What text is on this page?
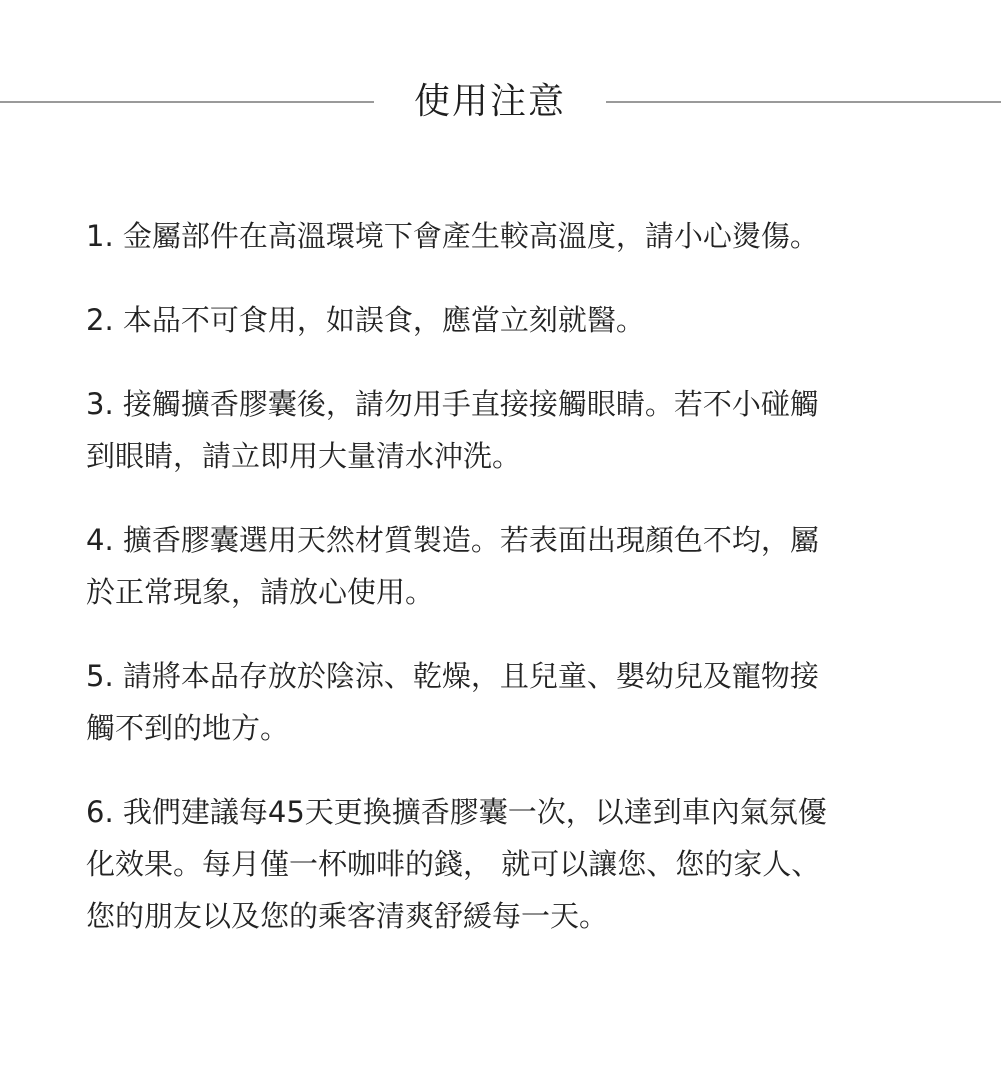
使用注意
1. 金屬部件在高溫環境下會產生較高溫度，請小心燙傷。
2. 本品不可食用，如誤食，應當立刻就醫。
3. 接觸擴香膠囊後，請勿用手直接接觸眼睛。若不小碰觸
到眼睛，請立即用大量清水沖洗。
4. 擴香膠囊選用天然材質製造。若表面出現顏色不均，屬
於正常現象，請放心使用。
5. 請將本品存放於陰涼、乾燥，且兒童、嬰幼兒及寵物接
觸不到的地方。
6. 我們建議每45天更換擴香膠囊一次，以達到車內氣氛優
化效果。每月僅一杯咖啡的錢， 就可以讓您、您的家人、
您的朋友以及您的乘客清爽舒緩每一天。
